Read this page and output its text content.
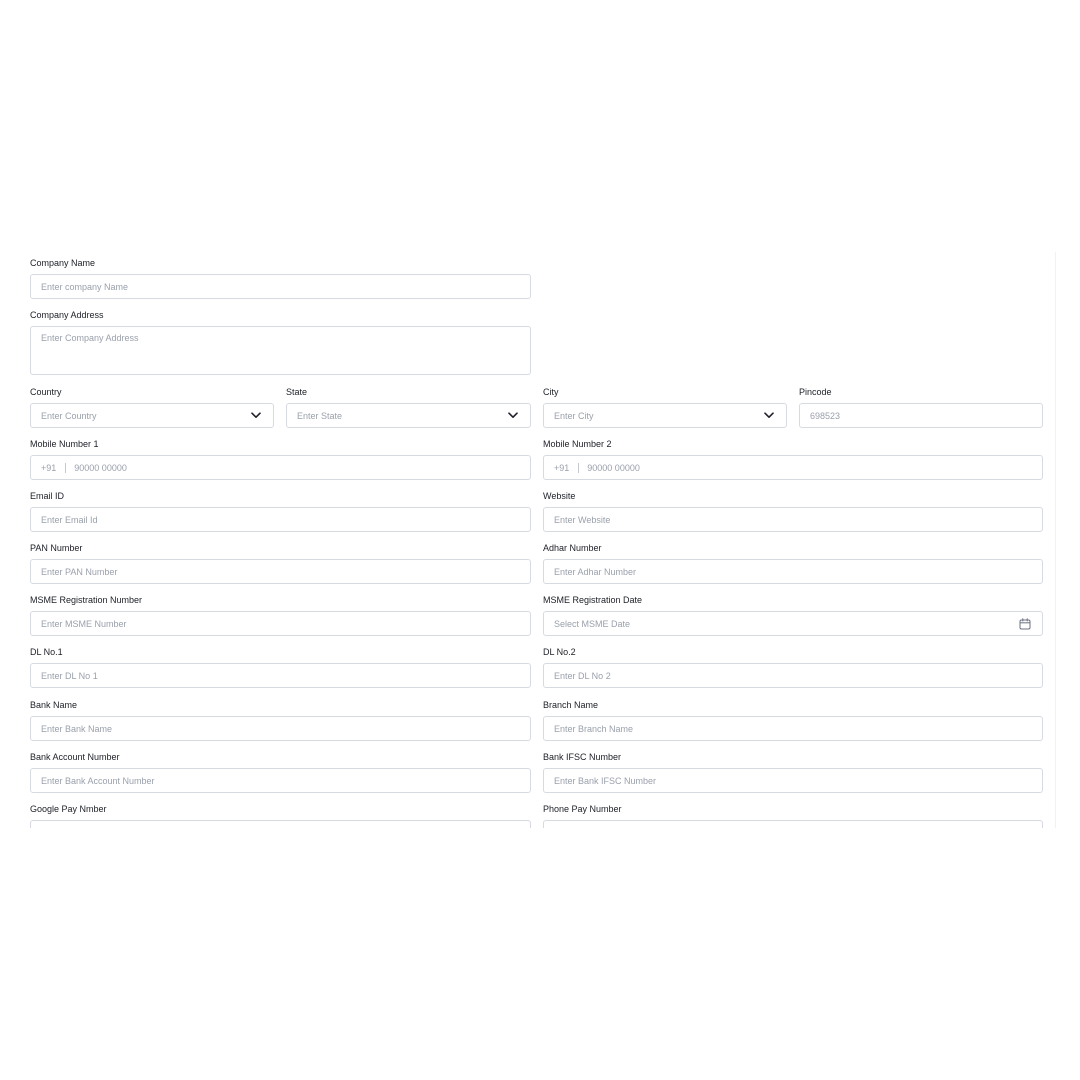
Company Name
Enter company Name
Company Address
Enter Company Address
Country
Enter Country
State
Enter State
City
Enter City
Pincode
698523
Mobile Number 1
+91 90000 00000
Mobile Number 2
+91 90000 00000
Email ID
Enter Email Id
Website
Enter Website
PAN Number
Enter PAN Number
Adhar Number
Enter Adhar Number
MSME Registration Number
Enter MSME Number
MSME Registration Date
Select MSME Date
DL No.1
Enter DL No 1
DL No.2
Enter DL No 2
Bank Name
Enter Bank Name
Branch Name
Enter Branch Name
Bank Account Number
Enter Bank Account Number
Bank IFSC Number
Enter Bank IFSC Number
Google Pay Nmber	Phone Pay Number
